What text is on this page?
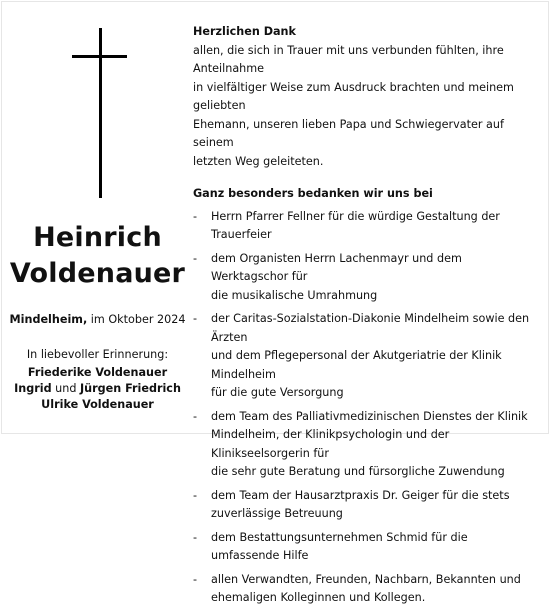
Heinrich
Voldenauer
Mindelheim, im Oktober 2024
In liebevoller Erinnerung:
Friederike Voldenauer
Ingrid und Jürgen Friedrich
Ulrike Voldenauer
Herzlichen Dank
allen, die sich in Trauer mit uns verbunden fühlten, ihre Anteilnahme
in vielfältiger Weise zum Ausdruck brachten und meinem geliebten
Ehemann, unseren lieben Papa und Schwiegervater auf seinem
letzten Weg geleiteten.
Ganz besonders bedanken wir uns bei
-	Herrn Pfarrer Fellner für die würdige Gestaltung der
Trauerfeier
-	dem Organisten Herrn Lachenmayr und dem Werktagschor für
die musikalische Umrahmung
-	der Caritas-Sozialstation-Diakonie Mindelheim sowie den Ärzten
und dem Pflegepersonal der Akutgeriatrie der Klinik Mindelheim
für die gute Versorgung
-	dem Team des Palliativmedizinischen Dienstes der Klinik
Mindelheim, der Klinikpsychologin und der Klinikseelsorgerin für
die sehr gute Beratung und fürsorgliche Zuwendung
-	dem Team der Hausarztpraxis Dr. Geiger für die stets
zuverlässige Betreuung
-	dem Bestattungsunternehmen Schmid für die umfassende Hilfe
-	allen Verwandten, Freunden, Nachbarn, Bekannten und
ehemaligen Kolleginnen und Kollegen.
